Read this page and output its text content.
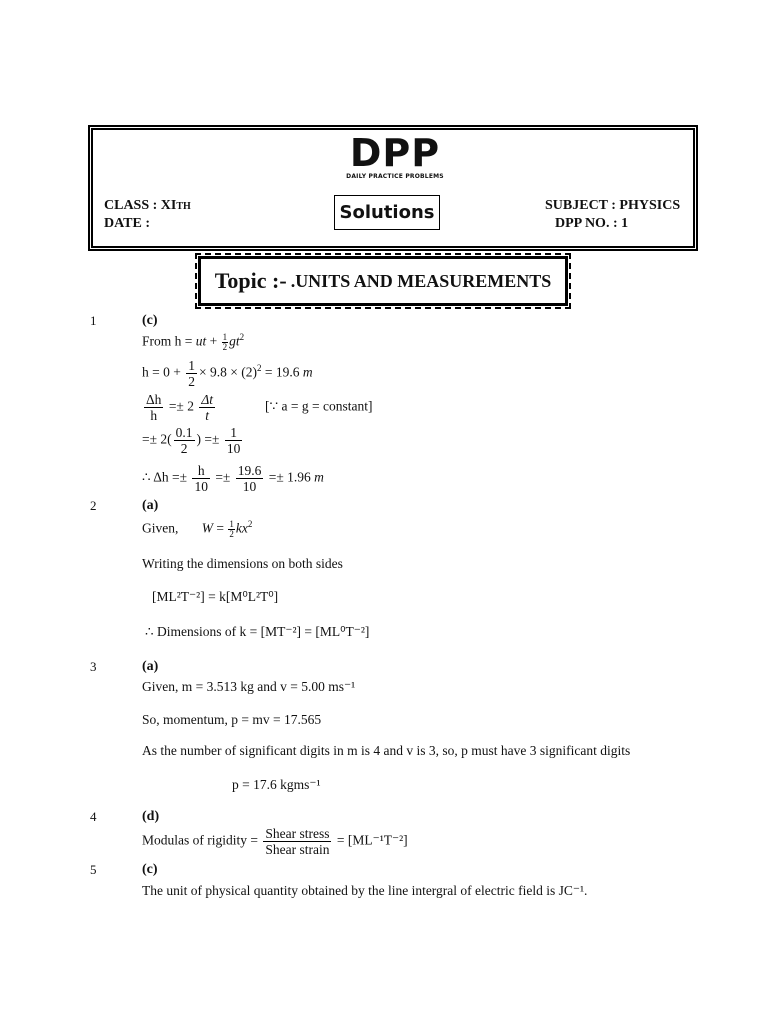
DPP
DAILY PRACTICE PROBLEMS
CLASS : XITH
DATE :
Solutions	SUBJECT : PHYSICS
DPP NO. : 1
Topic :- .UNITS AND MEASUREMENTS
1	(c)
From h = ut + $\frac{1}{2} gt^2$
$h = 0 + \frac{1}{2} \times 9.8 \times (2)^2 = 19.6$ m
$\frac{\Delta h}{h} =\pm 2 \frac{\Delta t}{t}$	[∵ a = g = constant]
=± $2( \frac{0.1}{2}$ ) =± $\frac{1}{10}$
∴ $\Delta h =\pm \frac{h}{10} =\pm \frac{19.6}{10} =\pm 1.96$ m
2	(a)
Given, $W = \frac{1}{2} kx^2$
Writing the dimensions on both sides
[ML²T⁻²] = k[M⁰L²T⁰]
∴ Dimensions of k = [MT⁻²] = [ML⁰T⁻²]
3	(a)
Given, m = 3.513 kg and v = 5.00 ms⁻¹
So, momentum, p = mv = 17.565
As the number of significant digits in m is 4 and v is 3, so, p must have 3 significant digits
p = 17.6 kgms⁻¹
4	(d)
Modulas of rigidity = $\frac{\text{Shear stress}}{\text{Shear strain}} = [ML^{-1}T^{-2}]$
5	(c)
The unit of physical quantity obtained by the line intergral of electric field is JC⁻¹.
